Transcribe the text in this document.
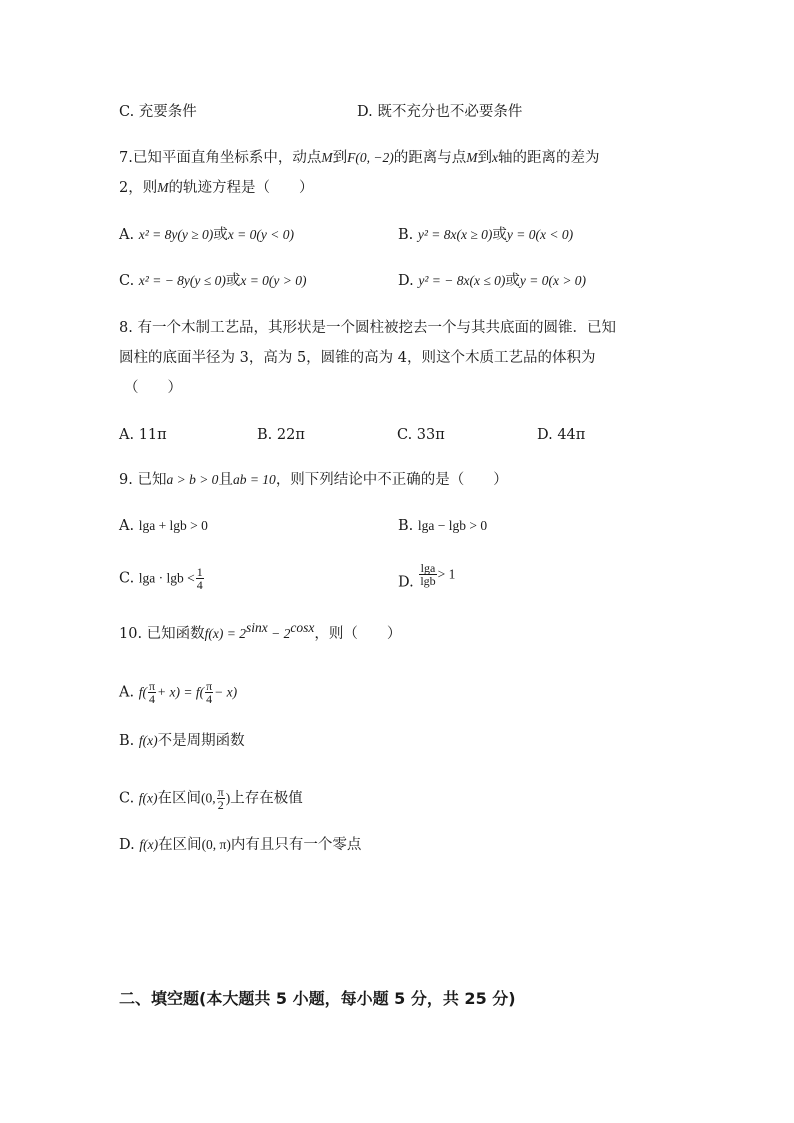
C. 充要条件	D. 既不充分也不必要条件
7.已知平面直角坐标系中，动点M到F(0, −2)的距离与点M到x轴的距离的差为
2，则M的轨迹方程是（　　）
A. x² = 8y(y ≥ 0)或x = 0(y < 0)	B. y² = 8x(x ≥ 0)或y = 0(x < 0)
C. x² = − 8y(y ≤ 0)或x = 0(y > 0)	D. y² = − 8x(x ≤ 0)或y = 0(x > 0)
8. 有一个木制工艺品，其形状是一个圆柱被挖去一个与其共底面的圆锥．已知
圆柱的底面半径为 3，高为 5，圆锥的高为 4，则这个木质工艺品的体积为
（　　）
A. 11π	B. 22π	C. 33π	D. 44π
9. 已知a > b > 0且ab = 10，则下列结论中不正确的是（　　）
A. lga + lgb > 0	B. lga − lgb > 0
C. $\lg a \cdot \lg b < \frac{1}{4}$	D. $\frac{\lg a}{\lg b} > 1$
10. 已知函数$f(x) = 2^{sinx} - 2^{cosx}$，则（　　）
A. $f( \frac{\pi}{4} + x) = f( \frac{\pi}{4} - x)$
B. f(x)不是周期函数
C. f(x)在区间(0, $\frac{\pi}{2}$ )上存在极值
D. f(x)在区间(0, π)内有且只有一个零点
二、填空题(本大题共 5 小题，每小题 5 分，共 25 分)
